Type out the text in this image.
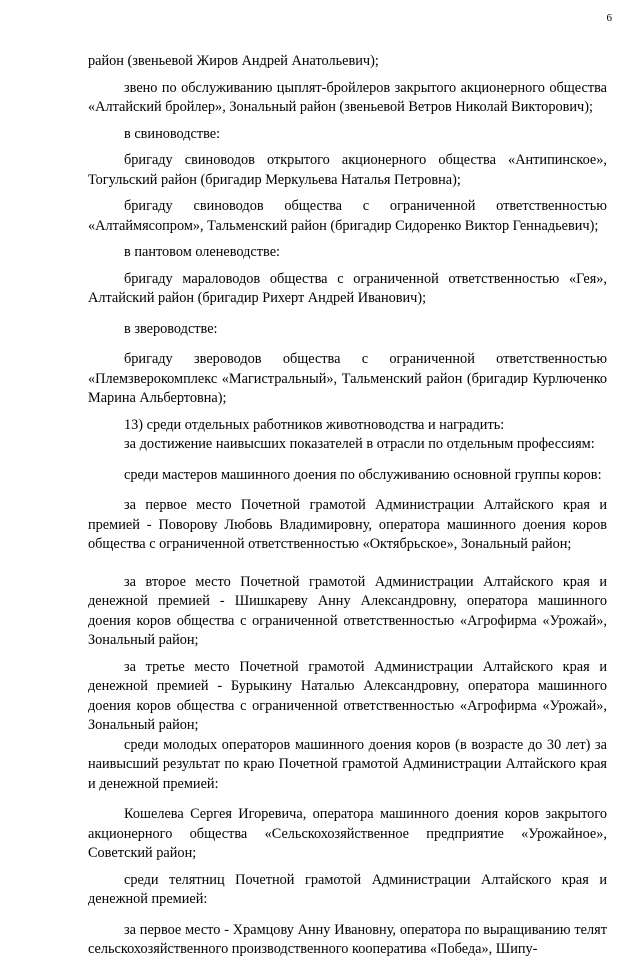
6

район (звеньевой Жиров Андрей Анатольевич);

звено по обслуживанию цыплят-бройлеров закрытого акционерного общества «Алтайский бройлер», Зональный район (звеньевой Ветров Николай Викторович);

в свиноводстве:

бригаду свиноводов открытого акционерного общества «Антипинское», Тогульский район (бригадир Меркульева Наталья Петровна);

бригаду свиноводов общества с ограниченной ответственностью «Алтаймясопром», Тальменский район (бригадир Сидоренко Виктор Геннадьевич);

в пантовом оленеводстве:

бригаду мараловодов общества с ограниченной ответственностью «Гея», Алтайский район (бригадир Рихерт Андрей Иванович);

в звероводстве:

бригаду звероводов общества с ограниченной ответственностью «Племзверокомплекс «Магистральный», Тальменский район (бригадир Курлюченко Марина Альбертовна);

13) среди отдельных работников животноводства и наградить:

за достижение наивысших показателей в отрасли по отдельным профессиям:

среди мастеров машинного доения по обслуживанию основной группы коров:

за первое место Почетной грамотой Администрации Алтайского края и премией - Поворову Любовь Владимировну, оператора машинного доения коров общества с ограниченной ответственностью «Октябрьское», Зональный район;

за второе место Почетной грамотой Администрации Алтайского края и денежной премией - Шишкареву Анну Александровну, оператора машинного доения коров общества с ограниченной ответственностью «Агрофирма «Урожай», Зональный район;

за третье место Почетной грамотой Администрации Алтайского края и денежной премией - Бурыкину Наталью Александровну, оператора машинного доения коров общества с ограниченной ответственностью «Агрофирма «Урожай», Зональный район;

среди молодых операторов машинного доения коров (в возрасте до 30 лет) за наивысший результат по краю Почетной грамотой Администрации Алтайского края и денежной премией:

Кошелева Сергея Игоревича, оператора машинного доения коров закрытого акционерного общества «Сельскохозяйственное предприятие «Урожайное», Советский район;

среди телятниц Почетной грамотой Администрации Алтайского края и денежной премией:

за первое место - Храмцову Анну Ивановну, оператора по выращиванию телят сельскохозяйственного производственного кооператива «Победа», Шипу-
